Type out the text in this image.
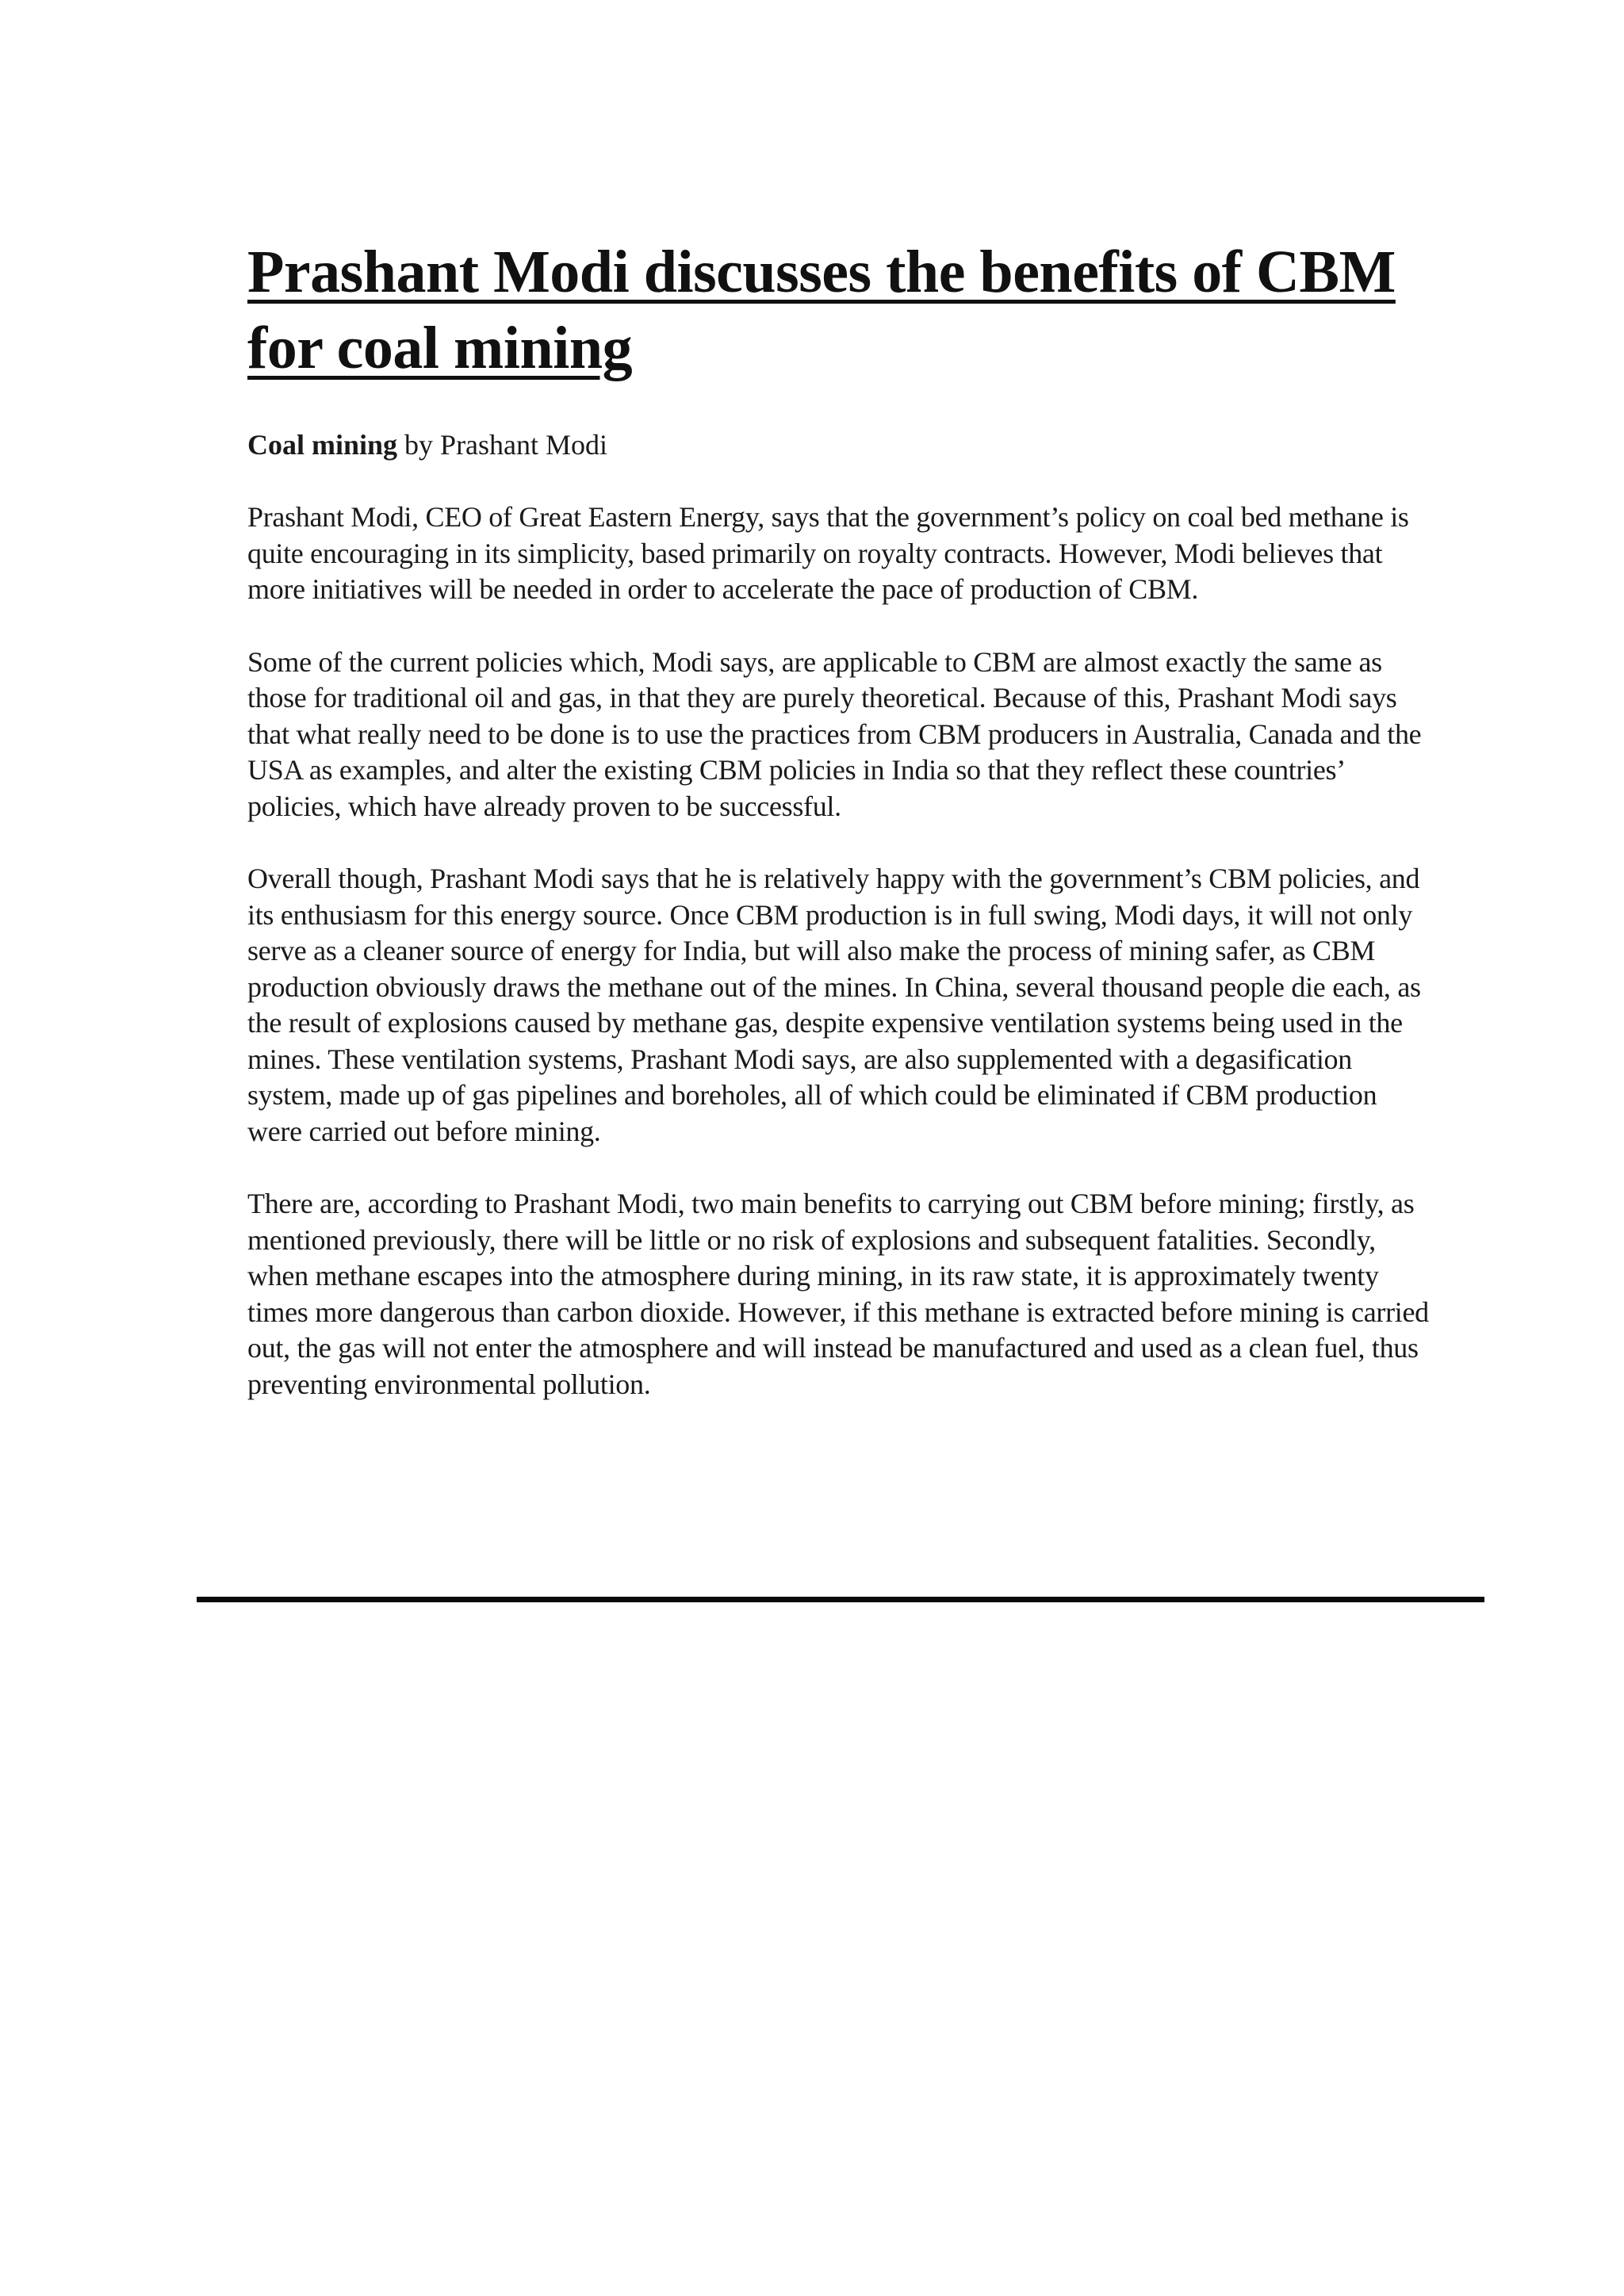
Prashant Modi discusses the benefits of CBM for coal mining

Coal mining by Prashant Modi

Prashant Modi, CEO of Great Eastern Energy, says that the government’s policy on coal bed methane is quite encouraging in its simplicity, based primarily on royalty contracts. However, Modi believes that more initiatives will be needed in order to accelerate the pace of production of CBM.

Some of the current policies which, Modi says, are applicable to CBM are almost exactly the same as those for traditional oil and gas, in that they are purely theoretical. Because of this, Prashant Modi says that what really need to be done is to use the practices from CBM producers in Australia, Canada and the USA as examples, and alter the existing CBM policies in India so that they reflect these countries’ policies, which have already proven to be successful.

Overall though, Prashant Modi says that he is relatively happy with the government’s CBM policies, and its enthusiasm for this energy source. Once CBM production is in full swing, Modi days, it will not only serve as a cleaner source of energy for India, but will also make the process of mining safer, as CBM production obviously draws the methane out of the mines. In China, several thousand people die each, as the result of explosions caused by methane gas, despite expensive ventilation systems being used in the mines. These ventilation systems, Prashant Modi says, are also supplemented with a degasification system, made up of gas pipelines and boreholes, all of which could be eliminated if CBM production were carried out before mining.

There are, according to Prashant Modi, two main benefits to carrying out CBM before mining; firstly, as mentioned previously, there will be little or no risk of explosions and subsequent fatalities. Secondly, when methane escapes into the atmosphere during mining, in its raw state, it is approximately twenty times more dangerous than carbon dioxide. However, if this methane is extracted before mining is carried out, the gas will not enter the atmosphere and will instead be manufactured and used as a clean fuel, thus preventing environmental pollution.
